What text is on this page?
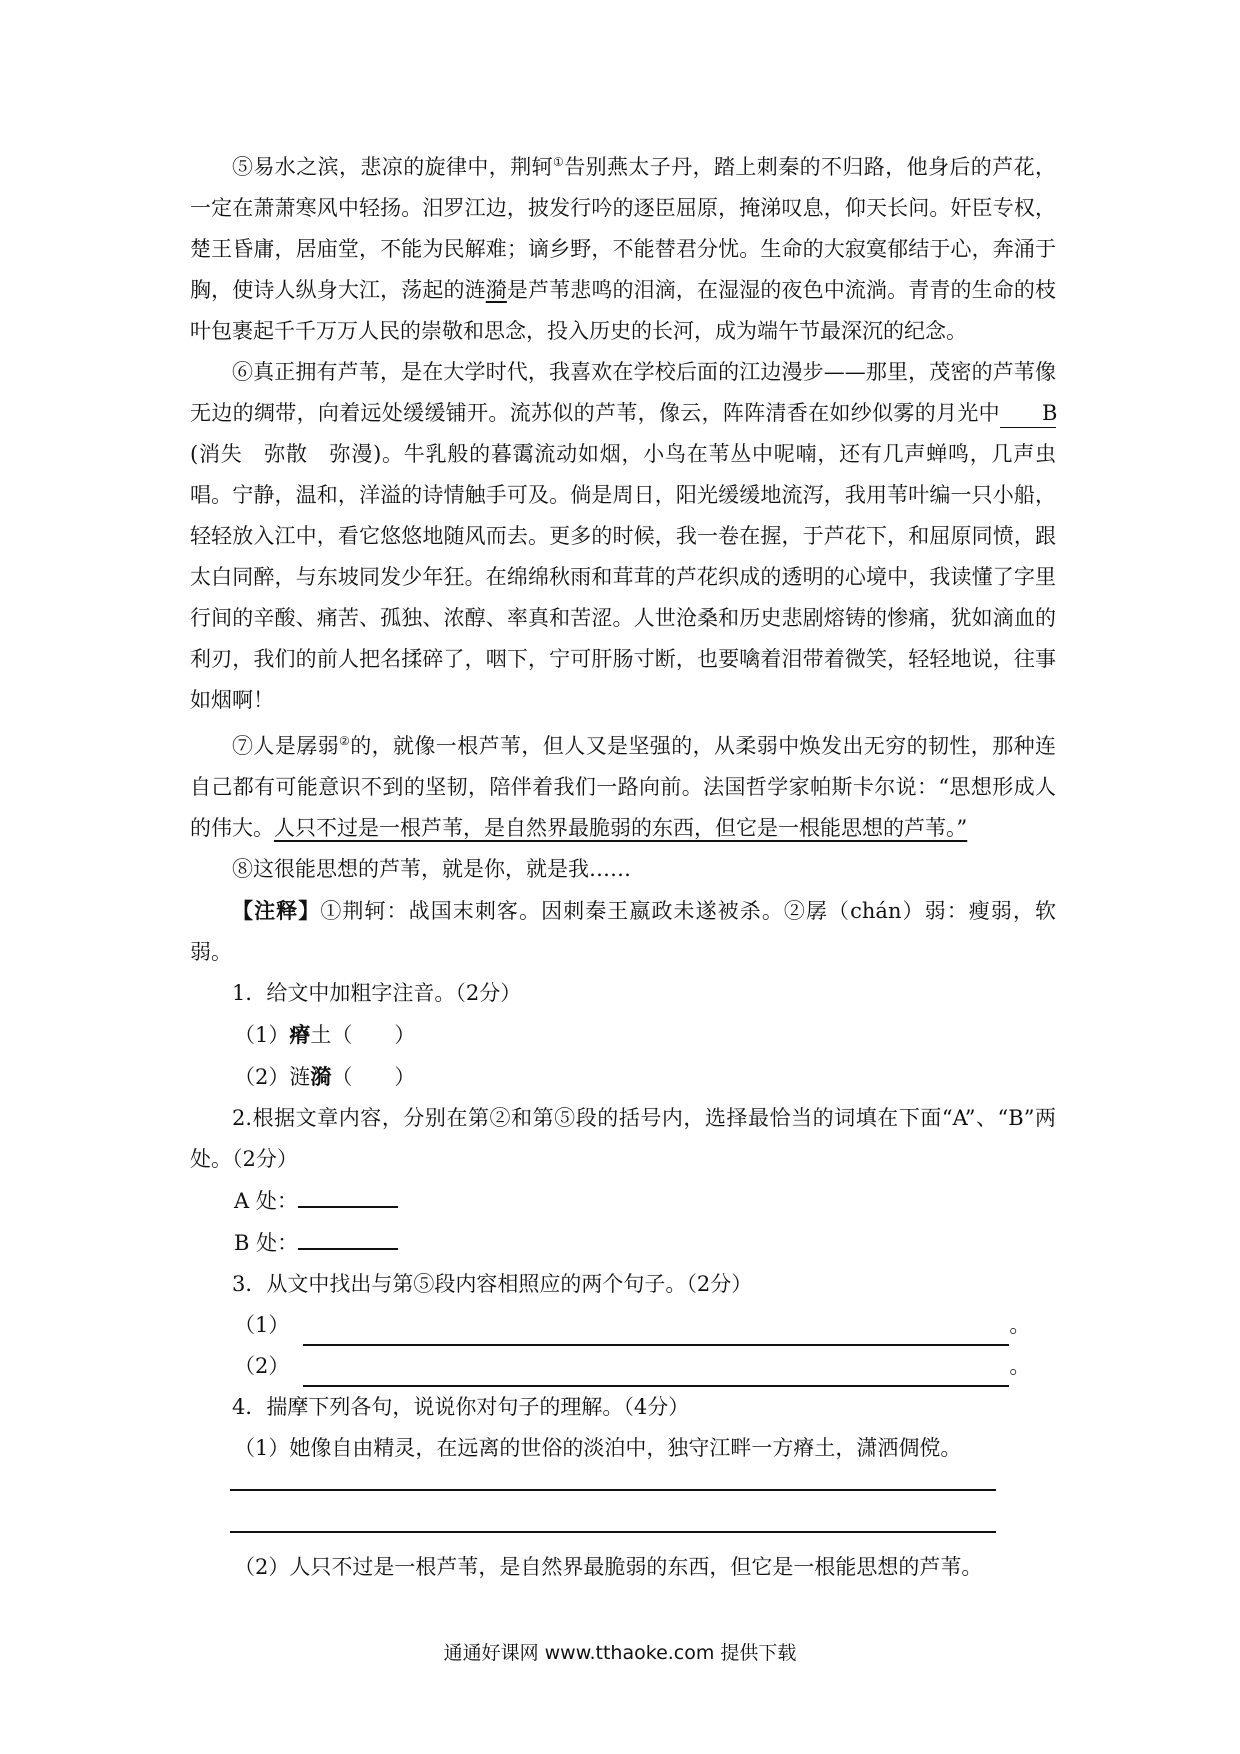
⑤易水之滨，悲凉的旋律中，荆轲①告别燕太子丹，踏上刺秦的不归路，他身后的芦花，一定在萧萧寒风中轻扬。汨罗江边，披发行吟的逐臣屈原，掩涕叹息，仰天长问。奸臣专权，楚王昏庸，居庙堂，不能为民解难；谪乡野，不能替君分忧。生命的大寂寞郁结于心，奔涌于胸，使诗人纵身大江，荡起的涟漪是芦苇悲鸣的泪滴，在湿湿的夜色中流淌。青青的生命的枝叶包裹起千千万万人民的崇敬和思念，投入历史的长河，成为端午节最深沉的纪念。

⑥真正拥有芦苇，是在大学时代，我喜欢在学校后面的江边漫步——那里，茂密的芦苇像无边的绸带，向着远处缓缓铺开。流苏似的芦苇，像云，阵阵清香在如纱似雾的月光中 B(消失　弥散　弥漫)。牛乳般的暮霭流动如烟，小鸟在苇丛中呢喃，还有几声蝉鸣，几声虫唱。宁静，温和，洋溢的诗情触手可及。倘是周日，阳光缓缓地流泻，我用苇叶编一只小船，轻轻放入江中，看它悠悠地随风而去。更多的时候，我一卷在握，于芦花下，和屈原同愤，跟太白同醉，与东坡同发少年狂。在绵绵秋雨和茸茸的芦花织成的透明的心境中，我读懂了字里行间的辛酸、痛苦、孤独、浓醇、率真和苦涩。人世沧桑和历史悲剧熔铸的惨痛，犹如滴血的利刃，我们的前人把名揉碎了，咽下，宁可肝肠寸断，也要噙着泪带着微笑，轻轻地说，往事如烟啊！

⑦人是孱弱②的，就像一根芦苇，但人又是坚强的，从柔弱中焕发出无穷的韧性，那种连自己都有可能意识不到的坚韧，陪伴着我们一路向前。法国哲学家帕斯卡尔说：“思想形成人的伟大。人只不过是一根芦苇，是自然界最脆弱的东西，但它是一根能思想的芦苇。”

⑧这很能思想的芦苇，就是你，就是我……

【注释】①荆轲：战国末刺客。因刺秦王嬴政未遂被杀。②孱（chán）弱：瘦弱，软弱。

1．给文中加粗字注音。（2分）

（1）瘠土（　　）

（2）涟漪（　　）

2.根据文章内容，分别在第②和第⑤段的括号内，选择最恰当的词填在下面“A”、“B”两处。（2分）

A 处：

B 处：

3．从文中找出与第⑤段内容相照应的两个句子。（2分）

（1）	。
（2）	。

4．揣摩下列各句，说说你对句子的理解。（4分）

（1）她像自由精灵，在远离的世俗的淡泊中，独守江畔一方瘠土，潇洒倜傥。

（2）人只不过是一根芦苇，是自然界最脆弱的东西，但它是一根能思想的芦苇。

通通好课网 www.tthaoke.com 提供下载
